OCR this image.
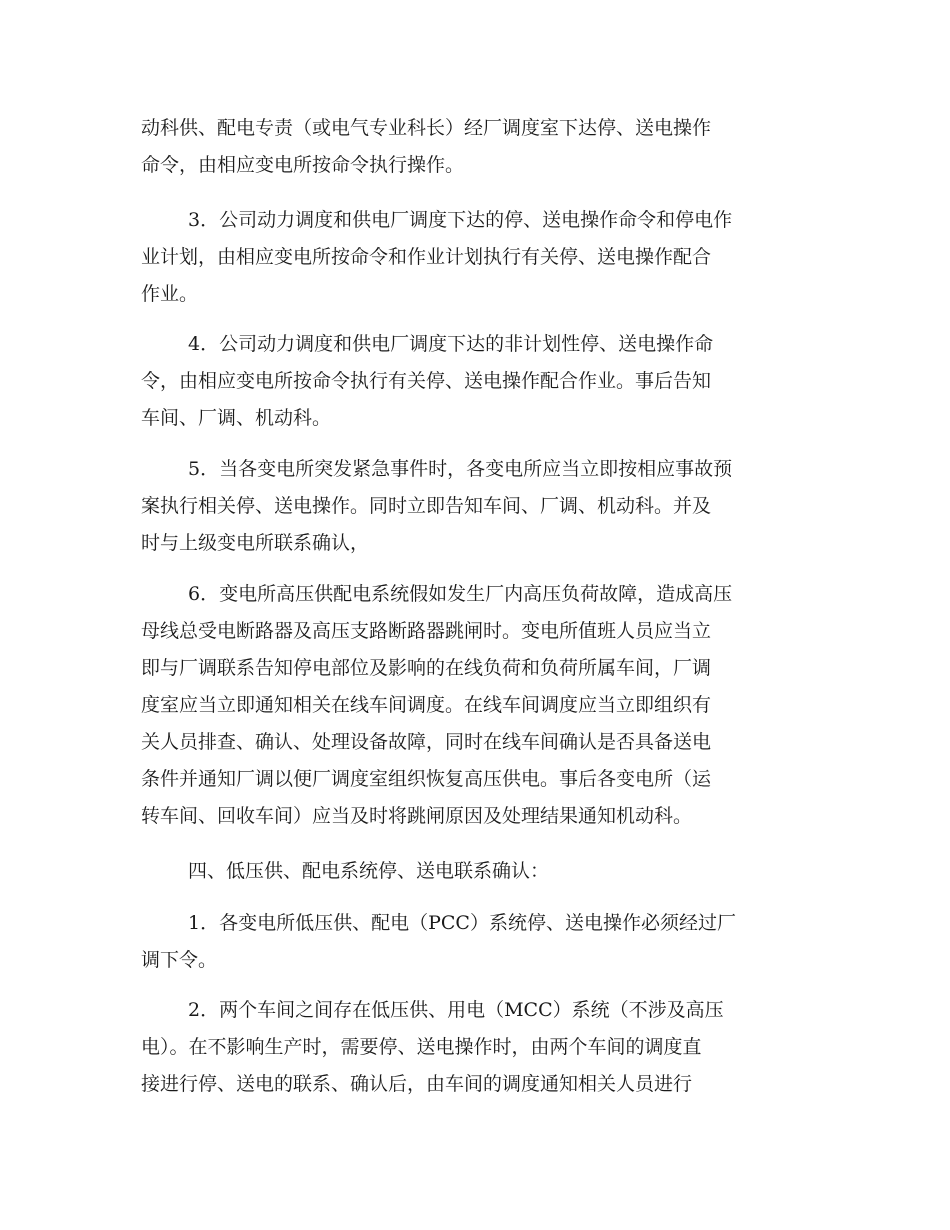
动科供、配电专责（或电气专业科长）经厂调度室下达停、送电操作
命令，由相应变电所按命令执行操作。
3．公司动力调度和供电厂调度下达的停、送电操作命令和停电作
业计划，由相应变电所按命令和作业计划执行有关停、送电操作配合
作业。
4．公司动力调度和供电厂调度下达的非计划性停、送电操作命
令，由相应变电所按命令执行有关停、送电操作配合作业。事后告知
车间、厂调、机动科。
5．当各变电所突发紧急事件时，各变电所应当立即按相应事故预
案执行相关停、送电操作。同时立即告知车间、厂调、机动科。并及
时与上级变电所联系确认，
6．变电所高压供配电系统假如发生厂内高压负荷故障，造成高压
母线总受电断路器及高压支路断路器跳闸时。变电所值班人员应当立
即与厂调联系告知停电部位及影响的在线负荷和负荷所属车间，厂调
度室应当立即通知相关在线车间调度。在线车间调度应当立即组织有
关人员排查、确认、处理设备故障，同时在线车间确认是否具备送电
条件并通知厂调以便厂调度室组织恢复高压供电。事后各变电所（运
转车间、回收车间）应当及时将跳闸原因及处理结果通知机动科。
四、低压供、配电系统停、送电联系确认：
1．各变电所低压供、配电（PCC）系统停、送电操作必须经过厂
调下令。
2．两个车间之间存在低压供、用电（MCC）系统（不涉及高压
电）。在不影响生产时，需要停、送电操作时，由两个车间的调度直
接进行停、送电的联系、确认后，由车间的调度通知相关人员进行
